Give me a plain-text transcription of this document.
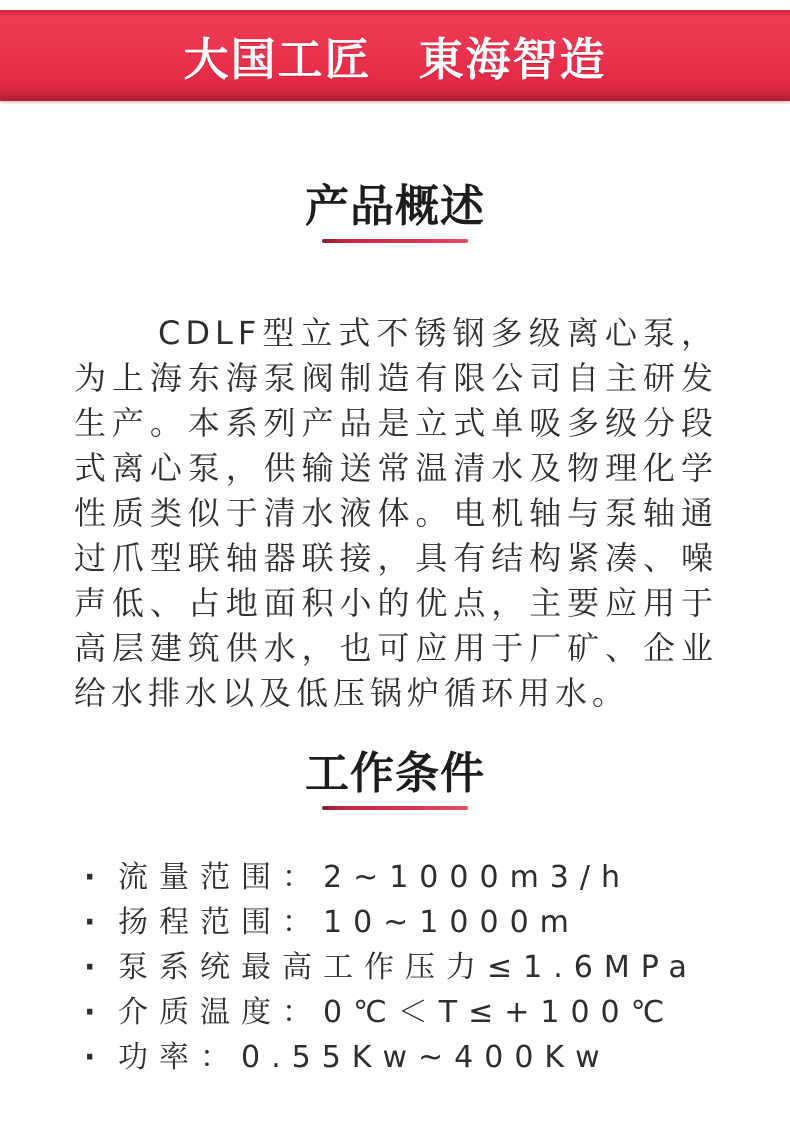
大国工匠　東海智造
产品概述

CDLF型立式不锈钢多级离心泵，为上海东海泵阀制造有限公司自主研发生产。本系列产品是立式单吸多级分段式离心泵，供输送常温清水及物理化学性质类似于清水液体。电机轴与泵轴通过爪型联轴器联接，具有结构紧凑、噪声低、占地面积小的优点，主要应用于高层建筑供水，也可应用于厂矿、企业给水排水以及低压锅炉循环用水。

工作条件
· 流量范围：2~1000m3/h
· 扬程范围：10~1000m
· 泵系统最高工作压力≤1.6MPa
· 介质温度：0℃＜T≤+100℃
· 功率：0.55Kw~400Kw
